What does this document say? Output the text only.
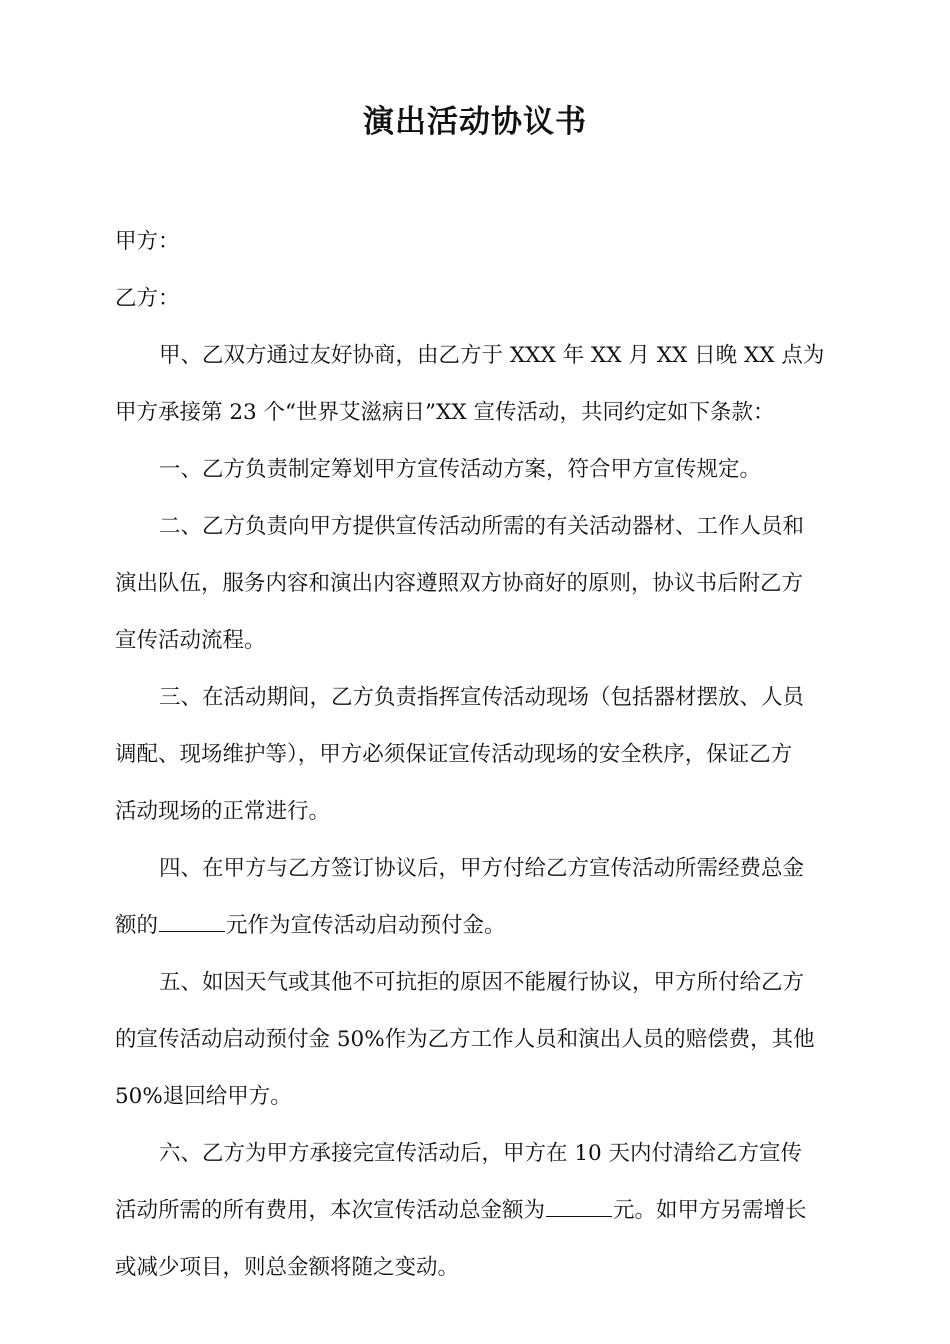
演出活动协议书

甲方：

乙方：

甲、乙双方通过友好协商，由乙方于 XXX 年 XX 月 XX 日晚 XX 点为

甲方承接第 23 个“世界艾滋病日”XX 宣传活动，共同约定如下条款：

一、乙方负责制定筹划甲方宣传活动方案，符合甲方宣传规定。

二、乙方负责向甲方提供宣传活动所需的有关活动器材、工作人员和

演出队伍，服务内容和演出内容遵照双方协商好的原则，协议书后附乙方

宣传活动流程。

三、在活动期间，乙方负责指挥宣传活动现场（包括器材摆放、人员

调配、现场维护等），甲方必须保证宣传活动现场的安全秩序，保证乙方

活动现场的正常进行。

四、在甲方与乙方签订协议后，甲方付给乙方宣传活动所需经费总金

额的	元作为宣传活动启动预付金。

五、如因天气或其他不可抗拒的原因不能履行协议，甲方所付给乙方

的宣传活动启动预付金 50%作为乙方工作人员和演出人员的赔偿费，其他

50%退回给甲方。

六、乙方为甲方承接完宣传活动后，甲方在 10 天内付清给乙方宣传

活动所需的所有费用，本次宣传活动总金额为	元。如甲方另需增长

或减少项目，则总金额将随之变动。
